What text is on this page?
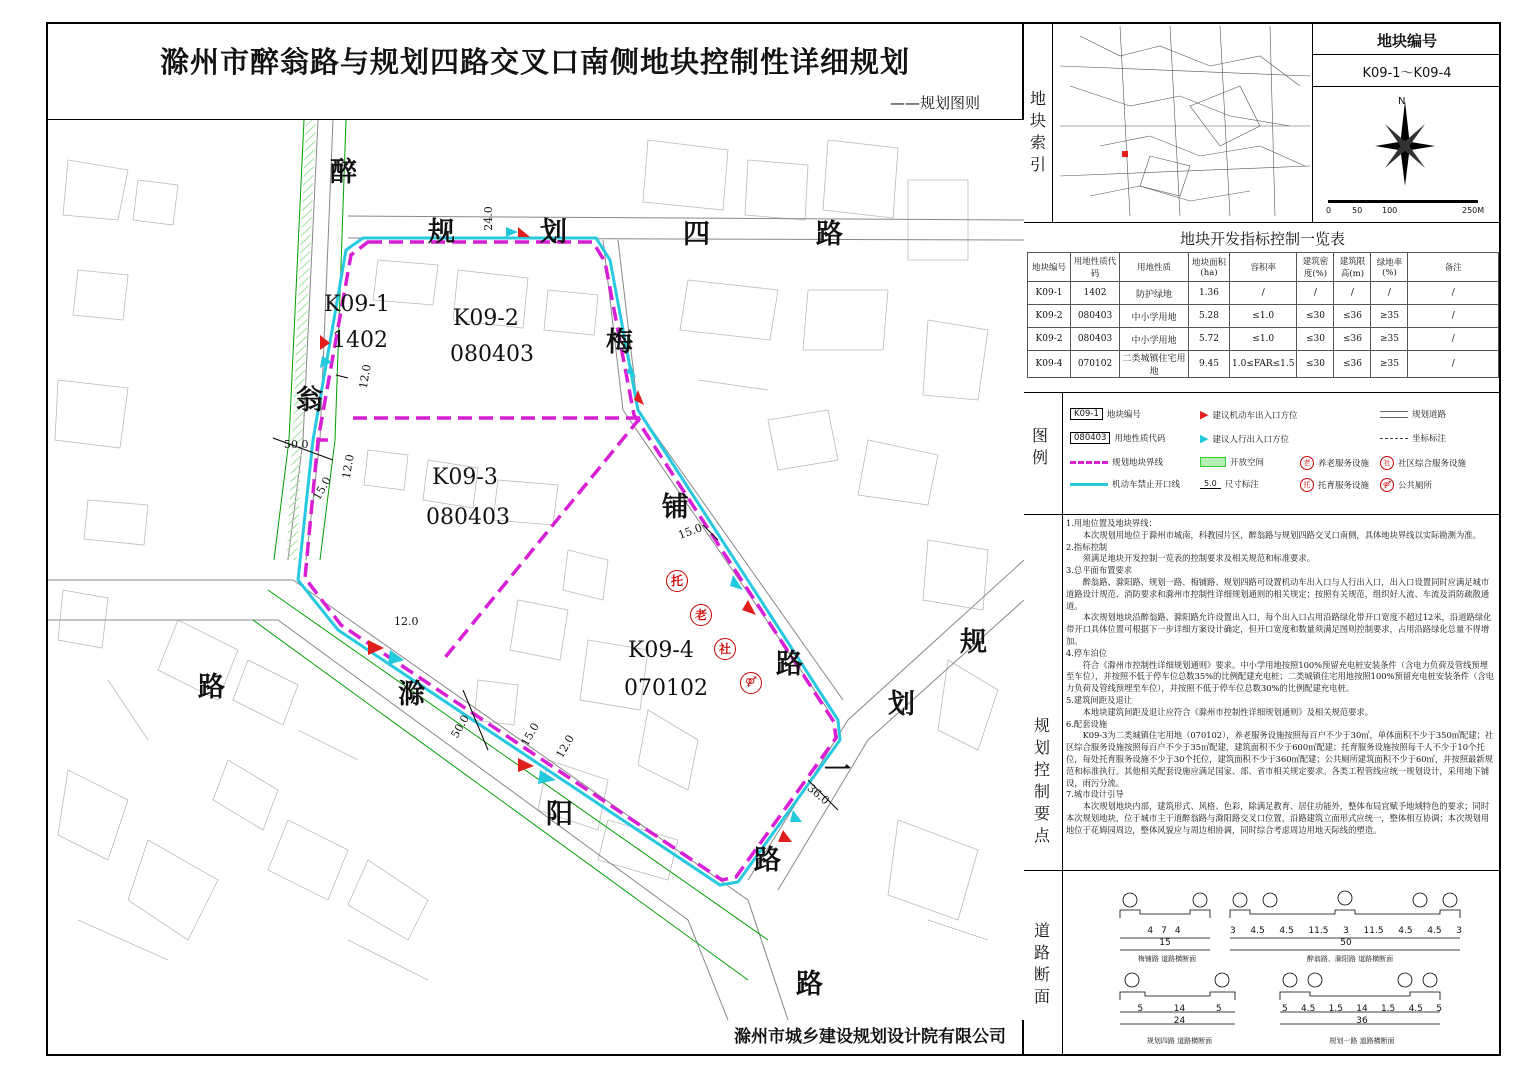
滁州市醉翁路与规划四路交叉口南侧地块控制性详细规划
——规划图则
滁州市城乡建设规划设计院有限公司
醉
翁
路
规	划	四	路
梅
铺
路
滁
阳
路
规
划
一
路
K09-1
1402
K09-2
080403
K09-3
080403
K09-4
070102
24.0
12.0
50.0
12.0
15.0
15.0
12.0
50.0	15.0 12.0
36.0
托
老
社
⚤
地块索引
地块编号
K09-1～K09-4
N
0	50 100	250M
地块开发指标控制一览表
地块编号	用地性质代码	用地性质	地块面积(ha)	容积率	建筑密度(%)	建筑限高(m)	绿地率(%)	备注
K09-1	1402	防护绿地	1.36	/	/	/	/	/
K09-2	080403	中小学用地	5.28	≤1.0	≤30	≤36	≥35	/
K09-2	080403	中小学用地	5.72	≤1.0	≤30	≤36	≥35	/
K09-4	070102	二类城镇住宅用地	9.45	1.0≤FAR≤1.5	≤30	≤36	≥35	/
图例
K09-1 地块编号
080403 用地性质代码
规划地块界线
机动车禁止开口线
▶ 建议机动车出入口方位
▶ 建议人行出入口方位
开放空间
5.0 尺寸标注
老 养老服务设施
托 托育服务设施
规划道路
坐标标注
社 社区综合服务设施
⚤ 公共厕所
规划控制要点

1.用地位置及地块界线：

本次规划用地位于滁州市城南，科教园片区，醉翁路与规划四路交叉口南侧，具体地块界线以实际勘测为准。

2.指标控制

须满足地块开发控制一览表的控制要求及相关规范和标准要求。

3.总平面布置要求

醉翁路、滁阳路、规划一路、梅铺路、规划四路可设置机动车出入口与人行出入口，出入口设置同时应满足城市道路设计规范、消防要求和滁州市控制性详细规划通则的相关规定；按照有关规范，组织好人流、车流及消防疏散通道。

本次规划地块沿醉翁路、滁阳路允许设置出入口，每个出入口占用沿路绿化带开口宽度不超过12米，沿道路绿化带开口具体位置可根据下一步详细方案设计确定，但开口宽度和数量须满足图则控制要求，占用沿路绿化总量不得增加。

4.停车泊位

符合《滁州市控制性详细规划通则》要求。中小学用地按照100%预留充电桩安装条件（含电力负荷及管线预埋至车位），并按照不低于停车位总数35%的比例配建充电桩；二类城镇住宅用地按照100%预留充电桩安装条件（含电力负荷及管线预埋至车位），并按照不低于停车位总数30%的比例配建充电桩。

5.建筑间距及退让

本地块建筑间距及退让应符合《滁州市控制性详细规划通则》及相关规范要求。

6.配套设施

K09-3为二类城镇住宅用地（070102），养老服务设施按照每百户不少于30㎡，单体面积不少于350㎡配建；社区综合服务设施按照每百户不少于35㎡配建，建筑面积不少于600㎡配建；托育服务设施按照每千人不少于10个托位，每处托育服务设施不少于30个托位，建筑面积不少于360㎡配建；公共厕所建筑面积不少于60㎡，并按照最新规范和标准执行。其他相关配套设施应满足国家、部、省市相关规定要求。各类工程管线应统一规划设计，采用地下铺设，雨污分流。

7.城市设计引导

本次规划地块内部，建筑形式、风格、色彩，除满足教育、居住功能外，整体布局宜赋予地域特色的要求；同时本次规划地块，位于城市主干道醉翁路与滁阳路交叉口位置，沿路建筑立面形式应统一，整体相互协调；本次规划用地位于花姆园周边，整体风貌应与周边相协调，同时综合考虑周边用地天际线的塑造。

道路断面
474
15
梅铺路 道路横断面
3 4.5 4.5 11.5 3 11.5 4.5 4.5 3
50
醉翁路、滁阳路 道路横断面
5	14	5
24
规划四路 道路横断面
5 4.5 1.5 14 1.5 4.5 5
36
规划一路 道路横断面
